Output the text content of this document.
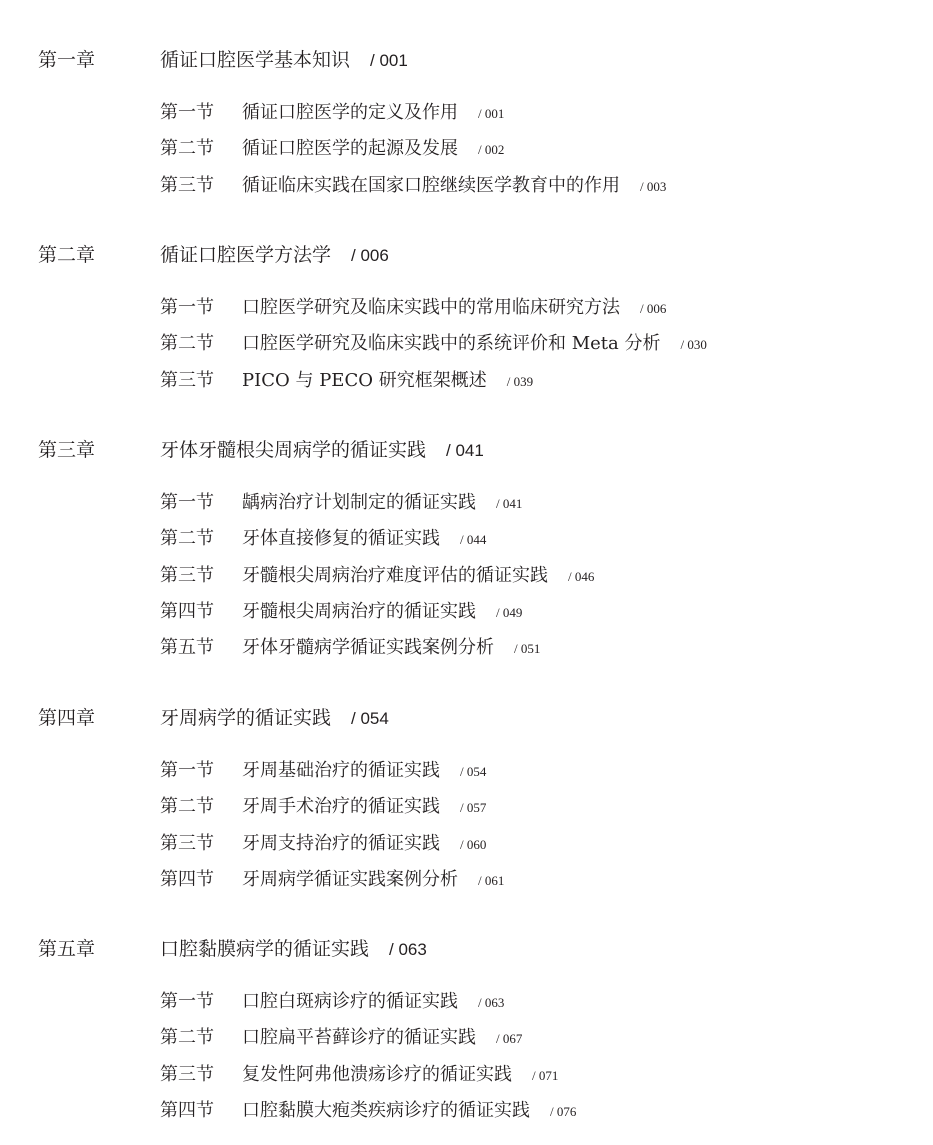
第一章	循证口腔医学基本知识 / 001
第一节 循证口腔医学的定义及作用 / 001
第二节 循证口腔医学的起源及发展 / 002
第三节 循证临床实践在国家口腔继续医学教育中的作用 / 003
第二章	循证口腔医学方法学 / 006
第一节 口腔医学研究及临床实践中的常用临床研究方法 / 006
第二节 口腔医学研究及临床实践中的系统评价和 Meta 分析 / 030
第三节 PICO 与 PECO 研究框架概述 / 039
第三章	牙体牙髓根尖周病学的循证实践 / 041
第一节 龋病治疗计划制定的循证实践 / 041
第二节 牙体直接修复的循证实践 / 044
第三节 牙髓根尖周病治疗难度评估的循证实践 / 046
第四节 牙髓根尖周病治疗的循证实践 / 049
第五节 牙体牙髓病学循证实践案例分析 / 051
第四章	牙周病学的循证实践 / 054
第一节 牙周基础治疗的循证实践 / 054
第二节 牙周手术治疗的循证实践 / 057
第三节 牙周支持治疗的循证实践 / 060
第四节 牙周病学循证实践案例分析 / 061
第五章	口腔黏膜病学的循证实践 / 063
第一节 口腔白斑病诊疗的循证实践 / 063
第二节 口腔扁平苔藓诊疗的循证实践 / 067
第三节 复发性阿弗他溃疡诊疗的循证实践 / 071
第四节 口腔黏膜大疱类疾病诊疗的循证实践 / 076
